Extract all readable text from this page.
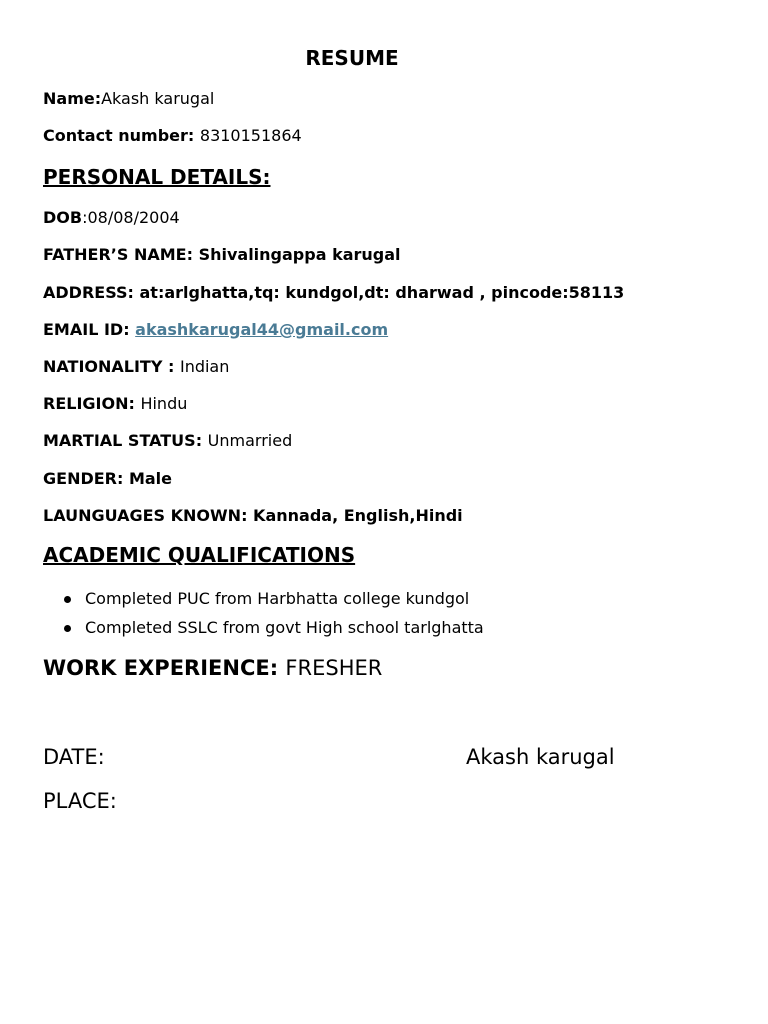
RESUME
Name:Akash karugal
Contact number: 8310151864
PERSONAL DETAILS:
DOB:08/08/2004
FATHER’S NAME: Shivalingappa karugal
ADDRESS: at:arlghatta,tq: kundgol,dt: dharwad , pincode:58113
EMAIL ID: akashkarugal44@gmail.com
NATIONALITY : Indian
RELIGION: Hindu
MARTIAL STATUS: Unmarried
GENDER: Male
LAUNGUAGES KNOWN: Kannada, English,Hindi
ACADEMIC QUALIFICATIONS
Completed PUC from Harbhatta college kundgol
Completed SSLC from govt High school tarlghatta
WORK EXPERIENCE: FRESHER
DATE:	Akash karugal
PLACE:
